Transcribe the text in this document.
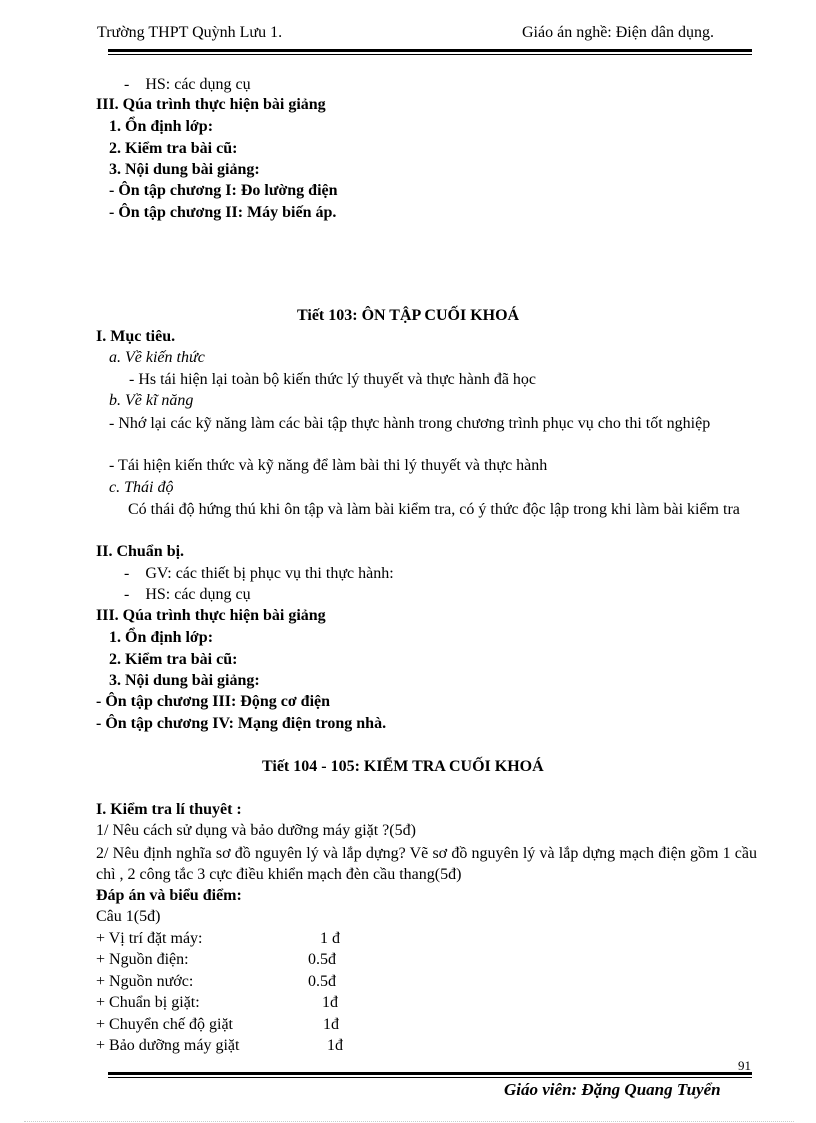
Trường THPT Quỳnh Lưu 1.	Giáo án nghề: Điện dân dụng.
-    HS: các dụng cụ
III. Qúa trình thực hiện bài giảng
1. Ổn định lớp:
2. Kiểm tra bài cũ:
3. Nội dung bài giảng:
- Ôn tập chương I: Đo lường điện
- Ôn tập chương II: Máy biến áp.
Tiết 103: ÔN TẬP CUỐI KHOÁ
I. Mục tiêu.
a. Về kiến thức
- Hs tái hiện lại toàn bộ kiến thức lý thuyết và thực hành đã học
b. Về kĩ năng
- Nhớ lại các kỹ năng làm các bài tập thực hành trong chương trình phục vụ cho thi tốt nghiệp
- Tái hiện kiến thức và kỹ năng để làm bài thi lý thuyết và thực hành
c. Thái độ
Có thái độ hứng thú khi ôn tập và làm bài kiểm tra, có ý thức độc lập trong khi làm bài kiểm tra
II. Chuẩn bị.
-    GV: các thiết bị phục vụ thi thực hành:
-    HS: các dụng cụ
III. Qúa trình thực hiện bài giảng
1. Ổn định lớp:
2. Kiểm tra bài cũ:
3. Nội dung bài giảng:
- Ôn tập chương III: Động cơ điện
- Ôn tập chương IV: Mạng điện trong nhà.
Tiết 104 - 105: KIỂM TRA CUỐI KHOÁ
I. Kiểm tra lí thuyêt :
1/ Nêu cách sử dụng và bảo dưỡng máy giặt ?(5đ)
2/ Nêu định nghĩa sơ đồ nguyên lý và lắp dựng? Vẽ sơ đồ nguyên lý và lắp dựng mạch điện gồm 1 cầu chì , 2 công tắc 3 cực điều khiển mạch đèn cầu thang(5đ)
Đáp án và biểu điểm:
Câu 1(5đ)
+ Vị trí đặt máy:	1 đ
+ Nguồn điện:	0.5đ
+ Nguồn nước:	0.5đ
+ Chuẩn bị giặt:	1đ
+ Chuyển chế độ giặt	1đ
+ Bảo dưỡng máy giặt	1đ
91
Giáo viên: Đặng Quang Tuyển
